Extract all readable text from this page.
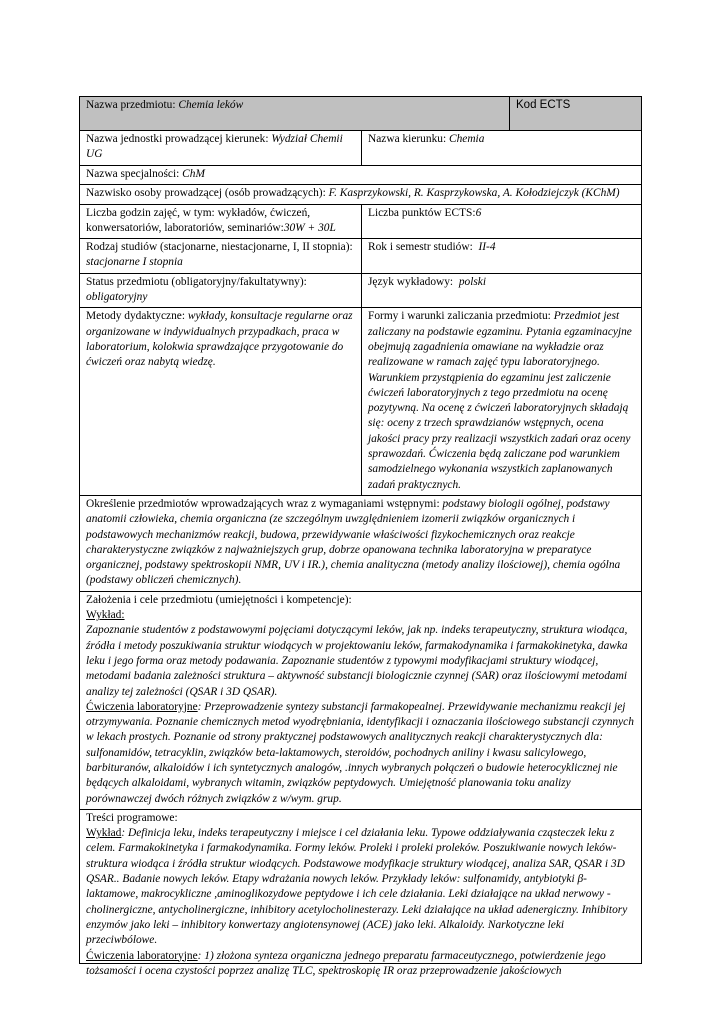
Nazwa przedmiotu: Chemia leków		Kod ECTS
Nazwa jednostki prowadzącej kierunek: Wydział Chemii UG	Nazwa kierunku: Chemia	
Nazwa specjalności: ChM		
Nazwisko osoby prowadzącej (osób prowadzących): F. Kasprzykowski, R. Kasprzykowska, A. Kołodziejczyk (KChM)		
Liczba godzin zajęć, w tym: wykładów, ćwiczeń, konwersatoriów, laboratoriów, seminariów:30W + 30L	Liczba punktów ECTS:6	
Rodzaj studiów (stacjonarne, niestacjonarne, I, II stopnia): stacjonarne I stopnia	Rok i semestr studiów: II-4	
Status przedmiotu (obligatoryjny/fakultatywny): obligatoryjny	Język wykładowy: polski	
Metody dydaktyczne: wykłady, konsultacje regularne oraz organizowane w indywidualnych przypadkach, praca w laboratorium, kolokwia sprawdzające przygotowanie do ćwiczeń oraz nabytą wiedzę.	Formy i warunki zaliczania przedmiotu: Przedmiot jest zaliczany na podstawie egzaminu. Pytania egzaminacyjne obejmują zagadnienia omawiane na wykładzie oraz realizowane w ramach zajęć typu laboratoryjnego. Warunkiem przystąpienia do egzaminu jest zaliczenie ćwiczeń laboratoryjnych z tego przedmiotu na ocenę pozytywną. Na ocenę z ćwiczeń laboratoryjnych składają się: oceny z trzech sprawdzianów wstępnych, ocena jakości pracy przy realizacji wszystkich zadań oraz oceny sprawozdań. Ćwiczenia będą zaliczane pod warunkiem samodzielnego wykonania wszystkich zaplanowanych zadań praktycznych.	
Określenie przedmiotów wprowadzających wraz z wymaganiami wstępnymi: podstawy biologii ogólnej, podstawy anatomii człowieka, chemia organiczna (ze szczególnym uwzględnieniem izomerii związków organicznych i podstawowych mechanizmów reakcji, budowa, przewidywanie właściwości fizykochemicznych oraz reakcje charakterystyczne związków z najważniejszych grup, dobrze opanowana technika laboratoryjna w preparatyce organicznej, podstawy spektroskopii NMR, UV i IR.), chemia analityczna (metody analizy ilościowej), chemia ogólna (podstawy obliczeń chemicznych).		

Założenia i cele przedmiotu (umiejętności i kompetencje):
Wykład:
Zapoznanie studentów z podstawowymi pojęciami dotyczącymi leków, jak np. indeks terapeutyczny, struktura wiodąca, źródła i metody poszukiwania struktur wiodących w projektowaniu leków, farmakodynamika i farmakokinetyka, dawka leku i jego forma oraz metody podawania. Zapoznanie studentów z typowymi modyfikacjami struktury wiodącej, metodami badania zależności struktura – aktywność substancji biologicznie czynnej (SAR) oraz ilościowymi metodami analizy tej zależności (QSAR i 3D QSAR).
Ćwiczenia laboratoryjne: Przeprowadzenie syntezy substancji farmakopealnej. Przewidywanie mechanizmu reakcji jej otrzymywania. Poznanie chemicznych metod wyodrębniania, identyfikacji i oznaczania ilościowego substancji czynnych w lekach prostych. Poznanie od strony praktycznej podstawowych analitycznych reakcji charakterystycznych dla: sulfonamidów, tetracyklin, związków beta-laktamowych, steroidów, pochodnych aniliny i kwasu salicylowego, barbituranów, alkaloidów i ich syntetycznych analogów, .innych wybranych połączeń o budowie heterocyklicznej nie będących alkaloidami, wybranych witamin, związków peptydowych. Umiejętność planowania toku analizy porównawczej dwóch różnych związków z w/wym. grup.		

Treści programowe:
Wykład: Definicja leku, indeks terapeutyczny i miejsce i cel działania leku. Typowe oddziaływania cząsteczek leku z celem. Farmakokinetyka i farmakodynamika. Formy leków. Proleki i proleki proleków. Poszukiwanie nowych leków- struktura wiodąca i źródła struktur wiodących. Podstawowe modyfikacje struktury wiodącej, analiza SAR, QSAR i 3D QSAR.. Badanie nowych leków. Etapy wdrażania nowych leków. Przykłady leków: sulfonamidy, antybiotyki β-laktamowe, makrocykliczne ,aminoglikozydowe peptydowe i ich cele działania. Leki działające na układ nerwowy - cholinergiczne, antycholinergiczne, inhibitory acetylocholinesterazy. Leki działające na układ adenergiczny. Inhibitory enzymów jako leki – inhibitory konwertazy angiotensynowej (ACE) jako leki. Alkaloidy. Narkotyczne leki przeciwbólowe.
Ćwiczenia laboratoryjne: 1) złożona synteza organiczna jednego preparatu farmaceutycznego, potwierdzenie jego tożsamości i ocena czystości poprzez analizę TLC, spektroskopię IR oraz przeprowadzenie jakościowych		
